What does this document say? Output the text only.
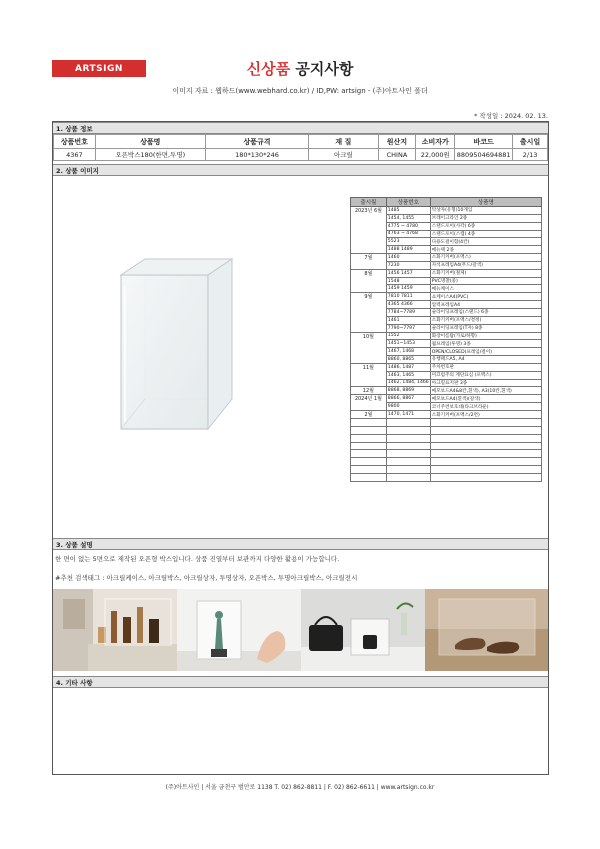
ARTSIGN	신상품 공지사항
이미지 자료 : 웹하드(www.webhard.co.kr) / ID,PW: artsign - (주)아트사인 폴더
* 작성일 : 2024. 02. 13.
1. 상품 정보
상품번호	상품명	상품규격	재 질	원산지	소비자가	바코드	출시일
4367	오픈박스180(한면,투명)	180*130*246	아크릴	CHINA	22,000원	8809504694881	2/13
2. 상품 이미지
출시월	상품번호	상품명
2023년 6월	1485	탁상자(유형)10개입
	1454, 1455	브레이크라인 2종
	4775 ~ 4780	스탠드포이(사각) 6종
	4763 ~ 4768	스탠드포이(스캡) 4종
	5523	다용도걸이함(4칸)
	1488 1489	메뉴택 2종
7월	1460	소화기커버(포맥스)
	7230	자석프레임A4(무드/갈색)
8월	1456 1457	소화기커버(철제)
	1548	PVC명찰(중)
	1459 1459	메뉴케이스
9월	7810 7811	쇼케이스A4(PVC)
	4365 4366	압력프레임A4
	7784~7789	슬라이딩프레임(스탠드) 6종
	1461	소화기커버(포맥스/결정)
	7790~7797	슬라이딩프레임(T자) 8종
10월	1552	화장이름탐(가로/하향)
	1451~1453	월프레임(투명) 3종
	1467, 1468	OPEN/CLOSED(프레임/걸이)
	8860, 8865	유행패드A5, A4
11월	1486, 1487	주차번호판
	1463, 1465	미끄럼주의 계단표심 (포맥스)
	1462, 1484, 1466	아크릴표지판 3종
12월	8868, 8869	메모보드A4&8칸,흰색), A3(10칸,흰색)
2024년 1월	8866, 8867	메모보드A4(흰색)(갈색)
	9800	코너주련보호대(타크브라운)
2월	1470, 1471	소화기커버(포맥스/2면)

3. 상품 설명
한 면이 없는 5면으로 제작된 오픈형 박스입니다. 상품 진열부터 보관까지 다양한 활용이 가능합니다.
#추천 검색태그 : 아크릴케이스, 아크릴박스, 아크릴상자, 투명상자, 오픈박스, 투명아크릴박스, 아크릴전시
4. 기타 사항
(주)아트사인 | 서울 금천구 범안로 1138 T. 02) 862-8811 | F. 02) 862-6611 | www.artsign.co.kr
